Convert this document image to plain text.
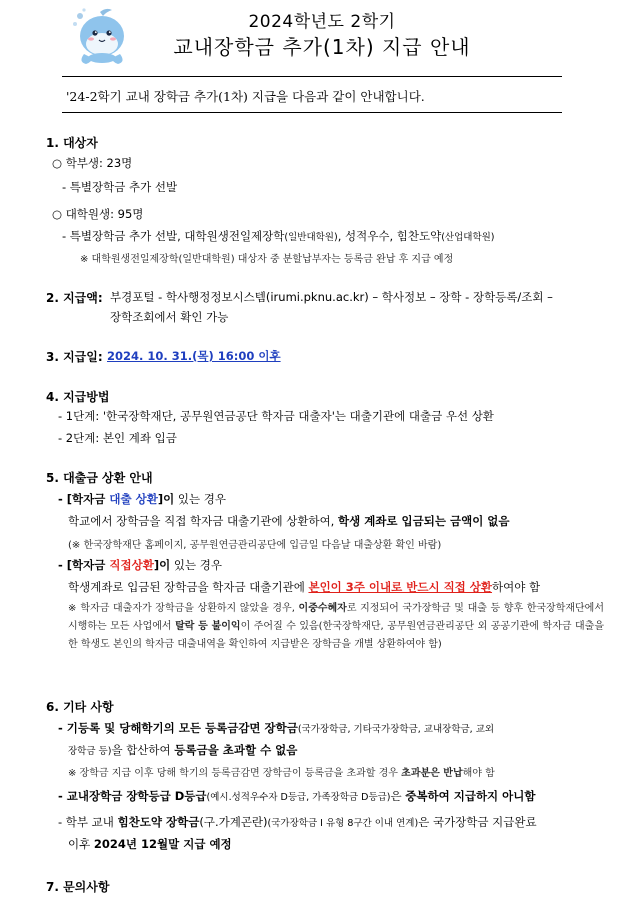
2024학년도 2학기
교내장학금 추가(1차) 지급 안내
'24-2학기 교내 장학금 추가(1차) 지급을 다음과 같이 안내합니다.
1. 대상자
○ 학부생: 23명
- 특별장학금 추가 선발
○ 대학원생: 95명
- 특별장학금 추가 선발, 대학원생전일제장학(일반대학원), 성적우수, 힘찬도약(산업대학원)
※ 대학원생전일제장학(일반대학원) 대상자 중 분할납부자는 등록금 완납 후 지급 예정
2. 지급액: 부경포털 - 학사행정정보시스템(irumi.pknu.ac.kr) – 학사정보 – 장학 - 장학등록/조회 –
장학조회에서 확인 가능
3. 지급일: 2024. 10. 31.(목) 16:00 이후
4. 지급방법
- 1단계: '한국장학재단, 공무원연금공단 학자금 대출자'는 대출기관에 대출금 우선 상환
- 2단계: 본인 계좌 입금
5. 대출금 상환 안내
- [학자금 대출 상환]이 있는 경우
학교에서 장학금을 직접 학자금 대출기관에 상환하여, 학생 계좌로 입금되는 금액이 없음
(※ 한국장학재단 홈페이지, 공무원연금관리공단에 입금일 다음날 대출상환 확인 바람)
- [학자금 직접상환]이 있는 경우
학생계좌로 입금된 장학금을 학자금 대출기관에 본인이 3주 이내로 반드시 직접 상환하여야 함
※ 학자금 대출자가 장학금을 상환하지 않았을 경우, 이중수혜자로 지정되어 국가장학금 및 대출 등 향후 한국장학재단에서 시행하는 모든 사업에서 탈락 등 불이익이 주어질 수 있음(한국장학재단, 공무원연금관리공단 외 공공기관에 학자금 대출을 한 학생도 본인의 학자금 대출내역을 확인하여 지급받은 장학금을 개별 상환하여야 함)
6. 기타 사항
- 기등록 및 당해학기의 모든 등록금감면 장학금(국가장학금, 기타국가장학금, 교내장학금, 교외
장학금 등)을 합산하여 등록금을 초과할 수 없음
※ 장학금 지급 이후 당해 학기의 등록금감면 장학금이 등록금을 초과할 경우 초과분은 반납해야 함
- 교내장학금 장학등급 D등급(예시.성적우수자 D등급, 가족장학금 D등급)은 중복하여 지급하지 아니함
- 학부 교내 힘찬도약 장학금(구.가계곤란)(국가장학금 I 유형 8구간 이내 연계)은 국가장학금 지급완료
이후 2024년 12월말 지급 예정
7. 문의사항
